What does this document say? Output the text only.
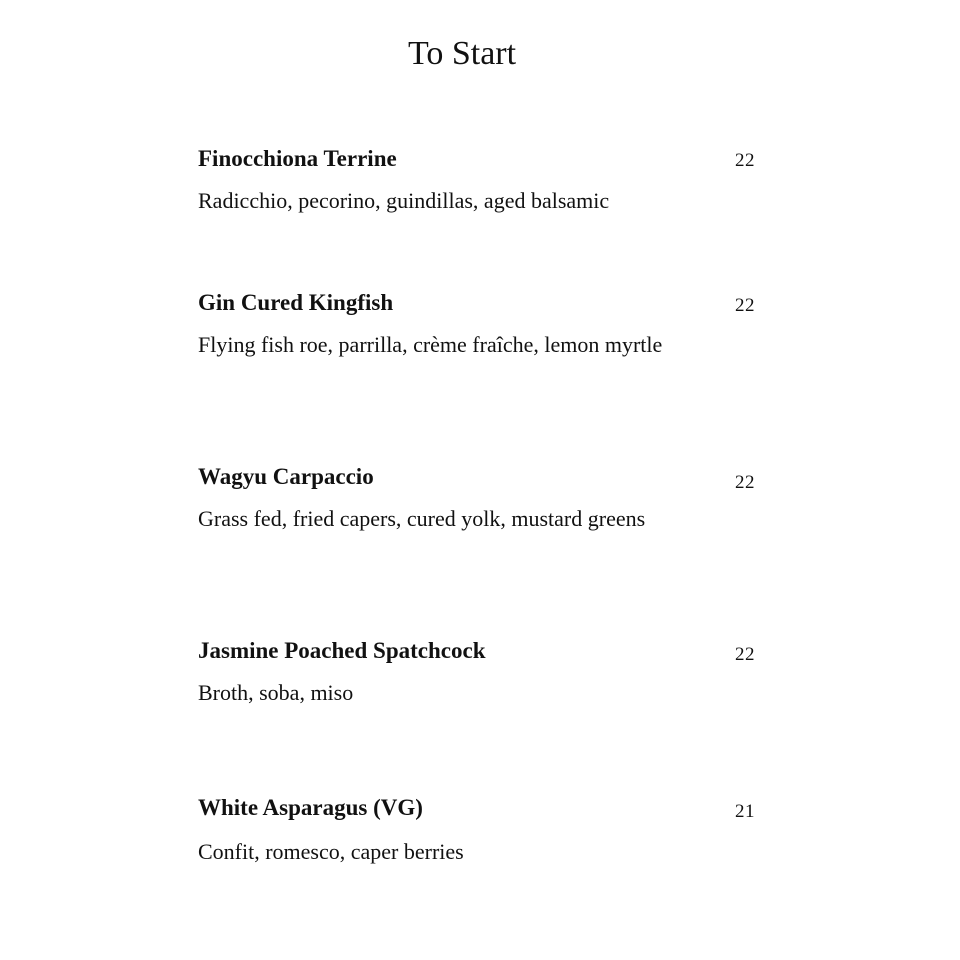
To Start
Finocchiona Terrine	22

Radicchio, pecorino, guindillas, aged balsamic

Gin Cured Kingfish	22

Flying fish roe, parrilla, crème fraîche, lemon myrtle

Wagyu Carpaccio	22

Grass fed, fried capers, cured yolk, mustard greens

Jasmine Poached Spatchcock	22

Broth, soba, miso

White Asparagus (VG)	21

Confit, romesco, caper berries
